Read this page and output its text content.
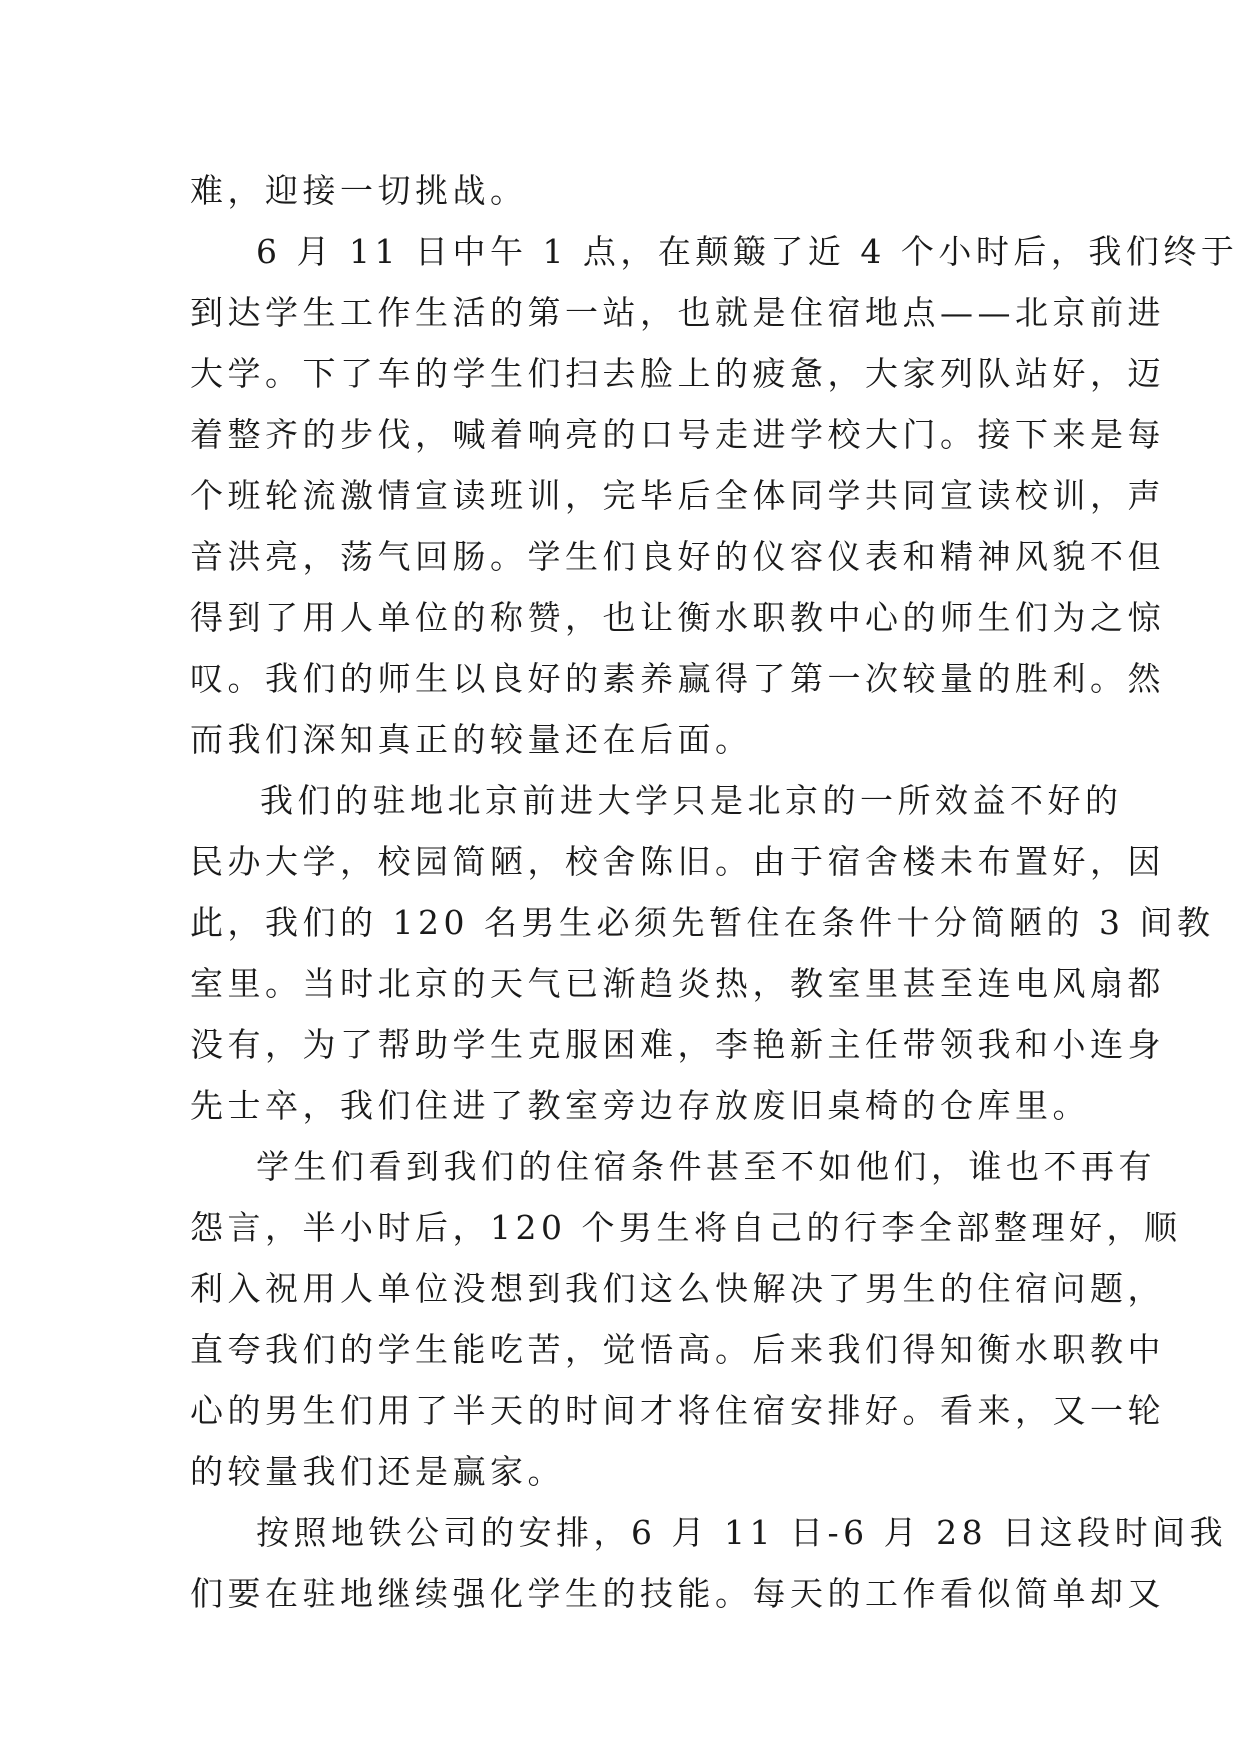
难，迎接一切挑战。
6 月 11 日中午 1 点，在颠簸了近 4 个小时后，我们终于
到达学生工作生活的第一站，也就是住宿地点——北京前进
大学。下了车的学生们扫去脸上的疲惫，大家列队站好，迈
着整齐的步伐，喊着响亮的口号走进学校大门。接下来是每
个班轮流激情宣读班训，完毕后全体同学共同宣读校训，声
音洪亮，荡气回肠。学生们良好的仪容仪表和精神风貌不但
得到了用人单位的称赞，也让衡水职教中心的师生们为之惊
叹。我们的师生以良好的素养赢得了第一次较量的胜利。然
而我们深知真正的较量还在后面。
我们的驻地北京前进大学只是北京的一所效益不好的
民办大学，校园简陋，校舍陈旧。由于宿舍楼未布置好，因
此，我们的 120 名男生必须先暂住在条件十分简陋的 3 间教
室里。当时北京的天气已渐趋炎热，教室里甚至连电风扇都
没有，为了帮助学生克服困难，李艳新主任带领我和小连身
先士卒，我们住进了教室旁边存放废旧桌椅的仓库里。
学生们看到我们的住宿条件甚至不如他们，谁也不再有
怨言，半小时后，120 个男生将自己的行李全部整理好，顺
利入祝用人单位没想到我们这么快解决了男生的住宿问题，
直夸我们的学生能吃苦，觉悟高。后来我们得知衡水职教中
心的男生们用了半天的时间才将住宿安排好。看来，又一轮
的较量我们还是赢家。
按照地铁公司的安排，6 月 11 日-6 月 28 日这段时间我
们要在驻地继续强化学生的技能。每天的工作看似简单却又
